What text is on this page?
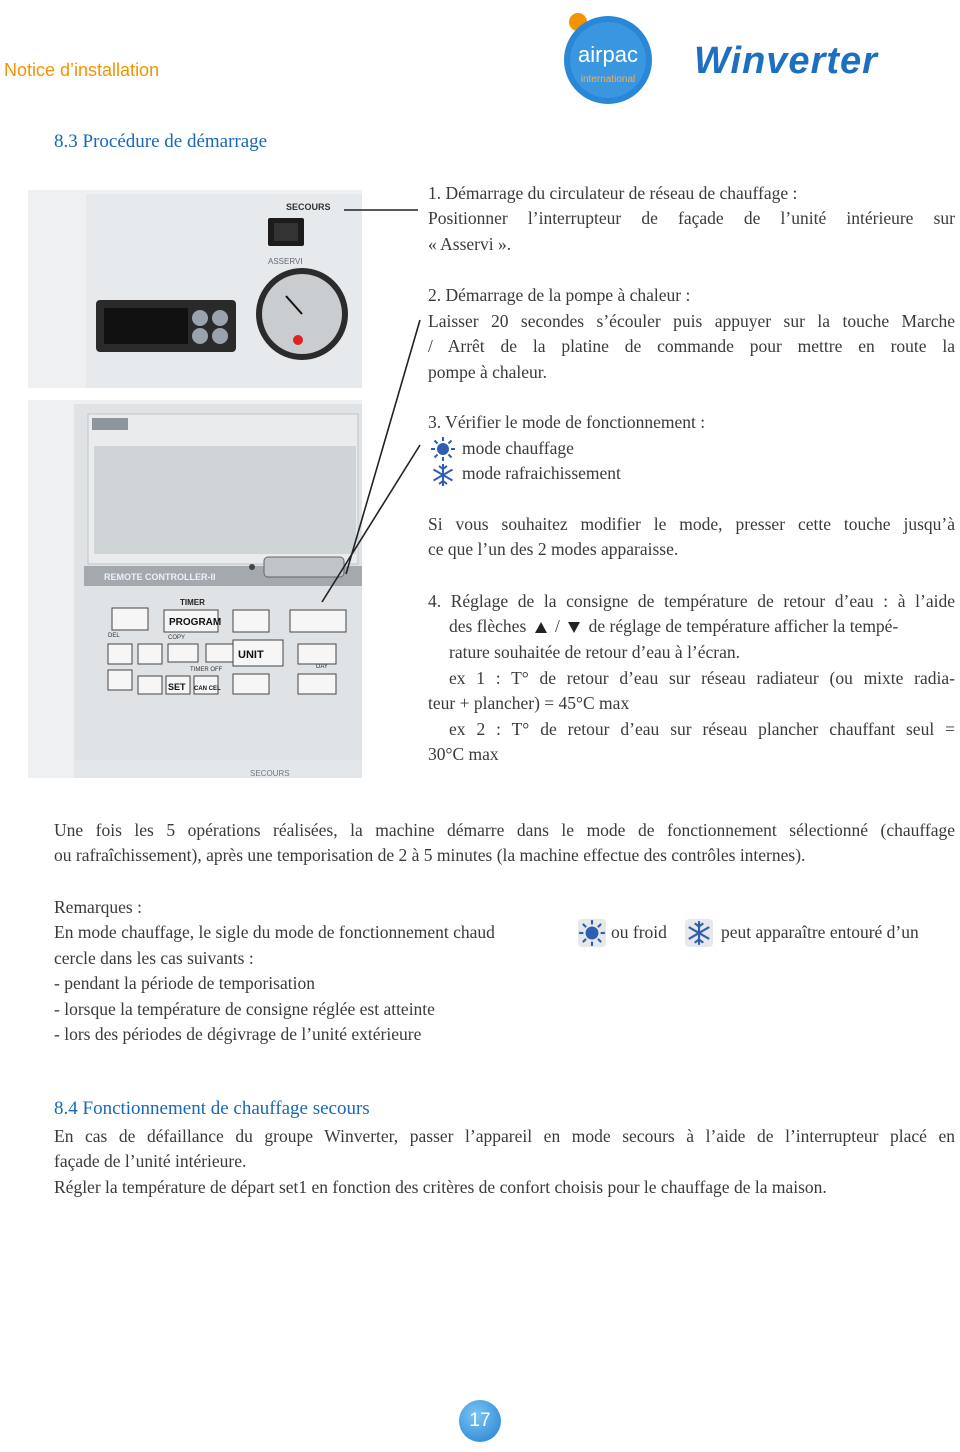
Notice d’installation
airpac
international Winverter
8.3 Procédure de démarrage
SECOURS
ASSERVI
REMOTE CONTROLLER-II
TIMER
PROGRAM
COPY
DEL
UNIT
SET CAN CEL
TIMER OFF	DAY
SECOURS
1. Démarrage du circulateur de réseau de chauffage :
Positionner l’interrupteur de façade de l’unité intérieure sur
« Asservi ».
2. Démarrage de la pompe à chaleur :
Laisser 20 secondes s’écouler puis appuyer sur la touche Marche
/ Arrêt de la platine de commande pour mettre en route la
pompe à chaleur.
3. Vérifier le mode de fonctionnement :
mode chauffage
mode rafraichissement
Si vous souhaitez modifier le mode, presser cette touche jusqu’à
ce que l’un des 2 modes apparaisse.
4. Réglage de la consigne de température de retour d’eau : à l’aide
des flèches / de réglage de température afficher la tempé-
rature souhaitée de retour d’eau à l’écran.
ex 1 : T° de retour d’eau sur réseau radiateur (ou mixte radia-
teur + plancher) = 45°C max
ex 2 : T° de retour d’eau sur réseau plancher chauffant seul =
30°C max
Une fois les 5 opérations réalisées, la machine démarre dans le mode de fonctionnement sélectionné (chauffage
ou rafraîchissement), après une temporisation de 2 à 5 minutes (la machine effectue des contrôles internes).
Remarques :
En mode chauffage, le sigle du mode de fonctionnement chaud	ou froid	peut apparaître entouré d’un
cercle dans les cas suivants :
- pendant la période de temporisation
- lorsque la température de consigne réglée est atteinte
- lors des périodes de dégivrage de l’unité extérieure
8.4 Fonctionnement de chauffage secours
En cas de défaillance du groupe Winverter, passer l’appareil en mode secours à l’aide de l’interrupteur placé en
façade de l’unité intérieure.
Régler la température de départ set1 en fonction des critères de confort choisis pour le chauffage de la maison.
17
